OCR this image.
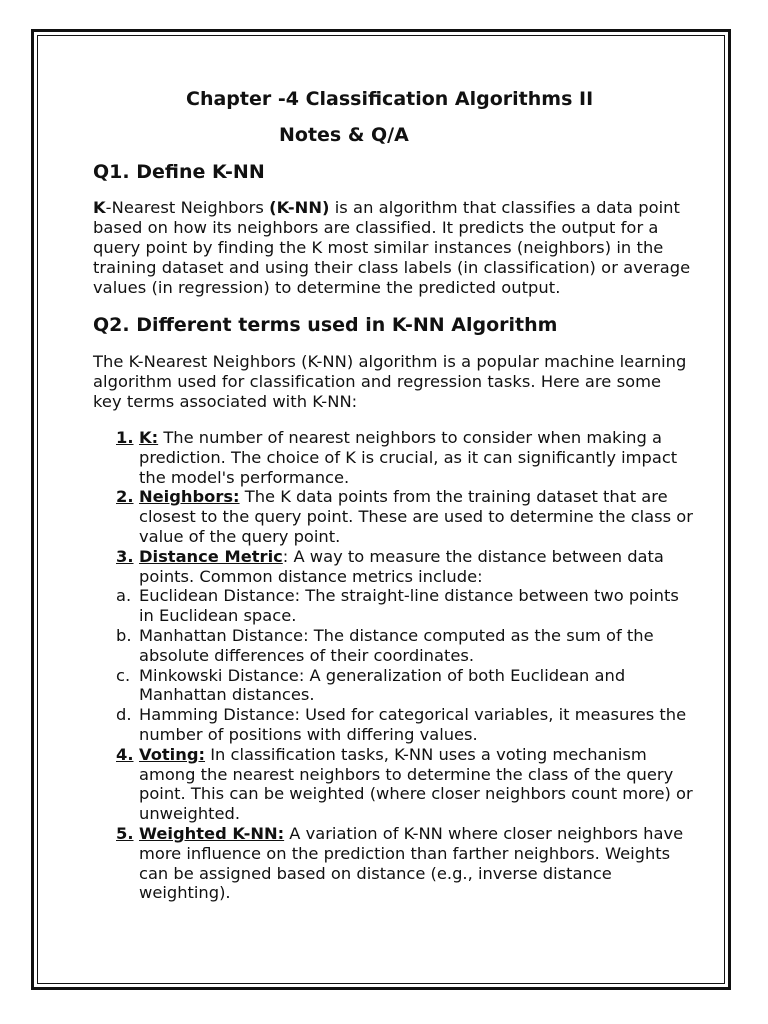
Chapter -4 Classification Algorithms II
Notes & Q/A
Q1. Define K-NN

K-Nearest Neighbors (K-NN) is an algorithm that classifies a data point based on how its neighbors are classified. It predicts the output for a query point by finding the K most similar instances (neighbors) in the training dataset and using their class labels (in classification) or average values (in regression) to determine the predicted output.

Q2. Different terms used in K-NN Algorithm

The K-Nearest Neighbors (K-NN) algorithm is a popular machine learning algorithm used for classification and regression tasks. Here are some key terms associated with K-NN:

1. K: The number of nearest neighbors to consider when making a prediction. The choice of K is crucial, as it can significantly impact the model's performance.
2. Neighbors: The K data points from the training dataset that are closest to the query point. These are used to determine the class or value of the query point.
3. Distance Metric: A way to measure the distance between data points. Common distance metrics include:
a. Euclidean Distance: The straight-line distance between two points in Euclidean space.
b. Manhattan Distance: The distance computed as the sum of the absolute differences of their coordinates.
c. Minkowski Distance: A generalization of both Euclidean and Manhattan distances.
d. Hamming Distance: Used for categorical variables, it measures the number of positions with differing values.
4. Voting: In classification tasks, K-NN uses a voting mechanism among the nearest neighbors to determine the class of the query point. This can be weighted (where closer neighbors count more) or unweighted.
5. Weighted K-NN: A variation of K-NN where closer neighbors have more influence on the prediction than farther neighbors. Weights can be assigned based on distance (e.g., inverse distance weighting).
